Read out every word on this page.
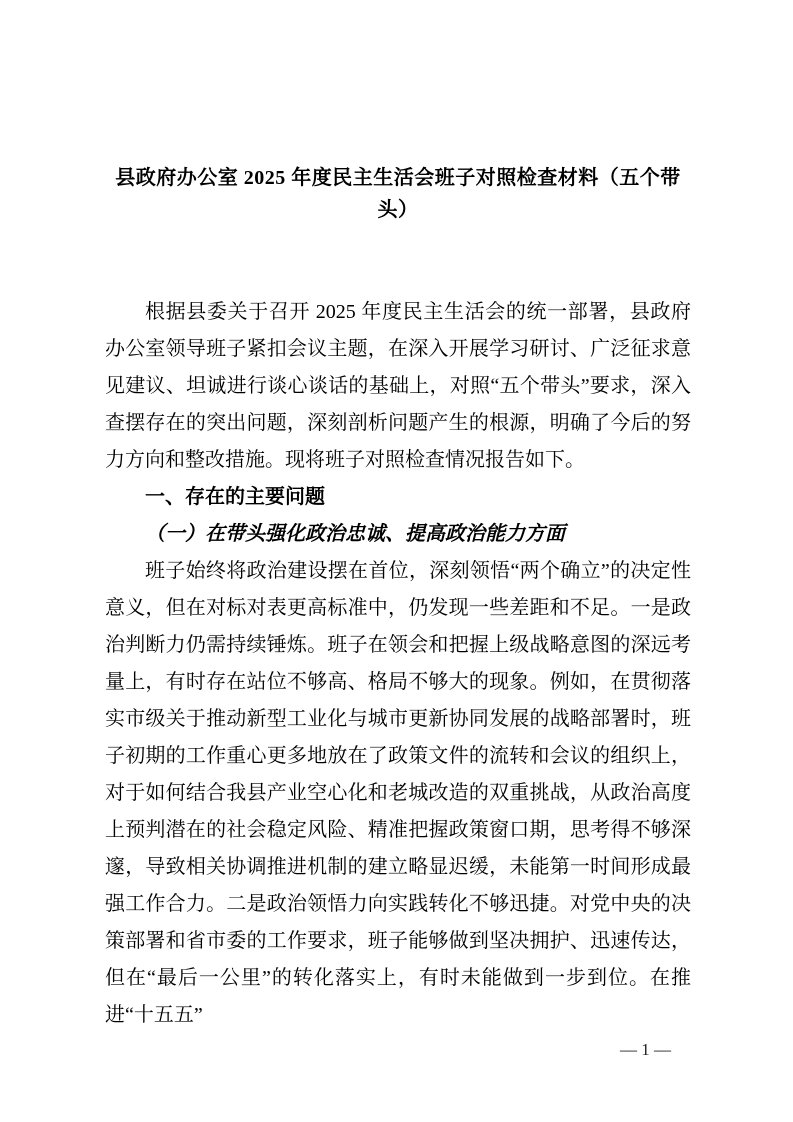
县政府办公室 2025 年度民主生活会班子对照检查材料（五个带头）

根据县委关于召开 2025 年度民主生活会的统一部署，县政府办公室领导班子紧扣会议主题，在深入开展学习研讨、广泛征求意见建议、坦诚进行谈心谈话的基础上，对照“五个带头”要求，深入查摆存在的突出问题，深刻剖析问题产生的根源，明确了今后的努力方向和整改措施。现将班子对照检查情况报告如下。

一、存在的主要问题

（一）在带头强化政治忠诚、提高政治能力方面

班子始终将政治建设摆在首位，深刻领悟“两个确立”的决定性意义，但在对标对表更高标准中，仍发现一些差距和不足。一是政治判断力仍需持续锤炼。班子在领会和把握上级战略意图的深远考量上，有时存在站位不够高、格局不够大的现象。例如，在贯彻落实市级关于推动新型工业化与城市更新协同发展的战略部署时，班子初期的工作重心更多地放在了政策文件的流转和会议的组织上，对于如何结合我县产业空心化和老城改造的双重挑战，从政治高度上预判潜在的社会稳定风险、精准把握政策窗口期，思考得不够深邃，导致相关协调推进机制的建立略显迟缓，未能第一时间形成最强工作合力。二是政治领悟力向实践转化不够迅捷。对党中央的决策部署和省市委的工作要求，班子能够做到坚决拥护、迅速传达，但在“最后一公里”的转化落实上，有时未能做到一步到位。在推进“十五五”

— 1 —
